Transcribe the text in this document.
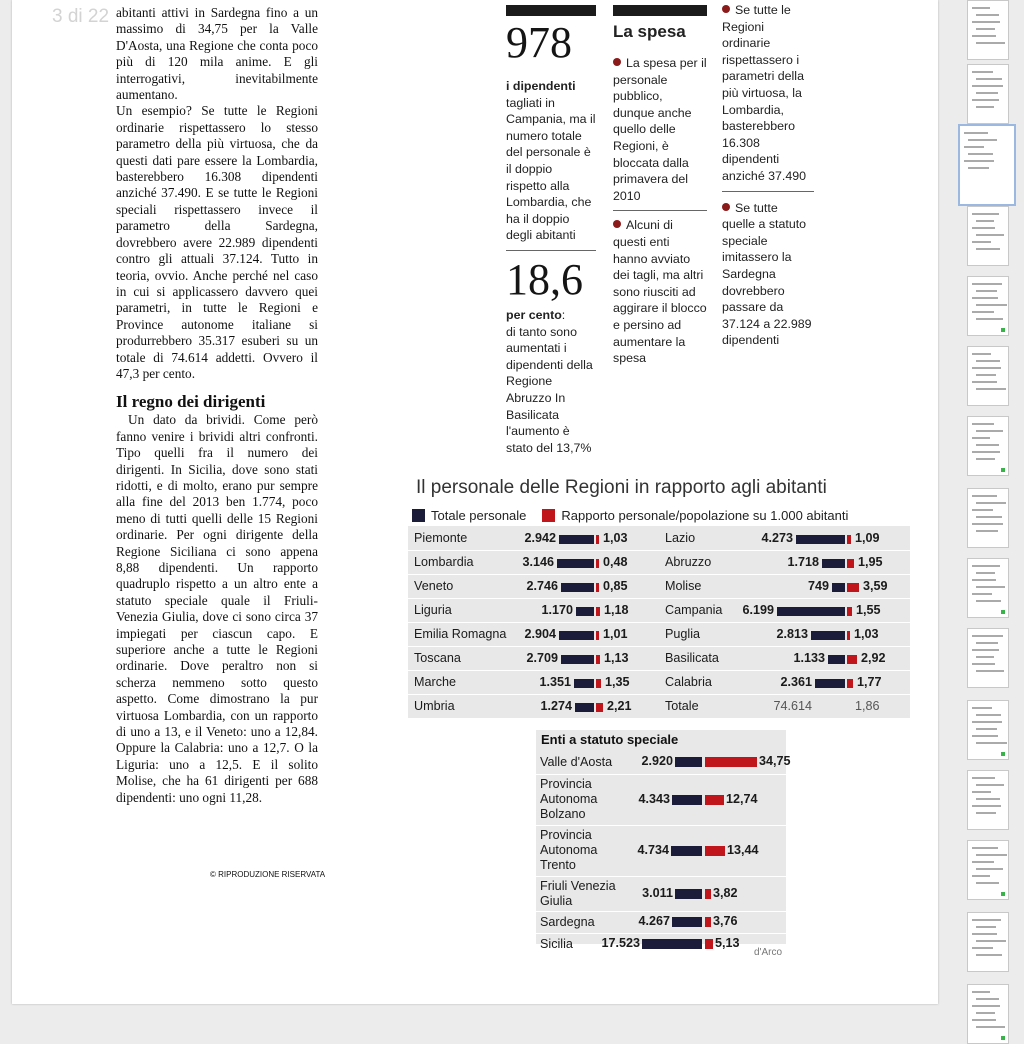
3 di 22 abitanti attivi in Sardegna fino a un massimo di 34,75 per la Valle D'Aosta, una Regione che conta poco più di 120 mila anime. E gli interrogativi, inevitabilmente aumentano.

Un esempio? Se tutte le Regioni ordinarie rispettassero lo stesso parametro della più virtuosa, che da questi dati pare essere la Lombardia, basterebbero 16.308 dipendenti anziché 37.490. E se tutte le Regioni speciali rispettassero invece il parametro della Sardegna, dovrebbero avere 22.989 dipendenti contro gli attuali 37.124. Tutto in teoria, ovvio. Anche perché nel caso in cui si applicassero davvero quei parametri, in tutte le Regioni e Province autonome italiane si produrrebbero 35.317 esuberi su un totale di 74.614 addetti. Ovvero il 47,3 per cento.

Il regno dei dirigenti

Un dato da brividi. Come però fanno venire i brividi altri confronti. Tipo quelli fra il numero dei dirigenti. In Sicilia, dove sono stati ridotti, e di molto, erano pur sempre alla fine del 2013 ben 1.774, poco meno di tutti quelli delle 15 Regioni ordinarie. Per ogni dirigente della Regione Siciliana ci sono appena 8,88 dipendenti. Un rapporto quadruplo rispetto a un altro ente a statuto speciale quale il Friuli-Venezia Giulia, dove ci sono circa 37 impiegati per ciascun capo. E superiore anche a tutte le Regioni ordinarie. Dove peraltro non si scherza nemmeno sotto questo aspetto. Come dimostrano la pur virtuosa Lombardia, con un rapporto di uno a 13, e il Veneto: uno a 12,84. Oppure la Calabria: uno a 12,7. O la Liguria: uno a 12,5. E il solito Molise, che ha 61 dirigenti per 688 dipendenti: uno ogni 11,28.

© RIPRODUZIONE RISERVATA
978
i dipendenti
tagliati in Campania, ma il numero totale del personale è il doppio rispetto alla Lombardia, che ha il doppio degli abitanti
18,6
per cento:
di tanto sono aumentati i dipendenti della Regione Abruzzo In Basilicata l'aumento è stato del 13,7%
La spesa
La spesa per il personale pubblico, dunque anche quello delle Regioni, è bloccata dalla primavera del 2010
Alcuni di questi enti hanno avviato dei tagli, ma altri sono riusciti ad aggirare il blocco e persino ad aumentare la spesa
Se tutte le Regioni ordinarie rispettassero i parametri della più virtuosa, la Lombardia, basterebbero 16.308 dipendenti anziché 37.490
Se tutte quelle a statuto speciale imitassero la Sardegna dovrebbero passare da 37.124 a 22.989 dipendenti
Il personale delle Regioni in rapporto agli abitanti
Totale personale	Rapporto personale/popolazione su 1.000 abitanti
Piemonte	2.942	1,03
Lombardia	3.146	0,48
Veneto	2.746	0,85
Liguria	1.170 1,18
Emilia Romagna 2.904	1,01
Toscana	2.709	1,13
Marche	1.351	1,35
Umbria	1.274	2,21
Lazio	4.273	1,09
Abruzzo	1.718	1,95
Molise	749	3,59
Campania 6.199	1,55
Puglia	2.813	1,03
Basilicata	1.133	2,92
Calabria	2.361	1,77
Totale	74.614	1,86
Enti a statuto speciale
Valle d'Aosta 2.920	34,75
Provincia
Autonoma
Bolzano
4.343	12,74
Provincia
Autonoma
Trento
4.734	13,44
Friuli Venezia
Giulia
3.011	3,82
Sardegna	4.267	3,76
Sicilia 17.523	5,13
d'Arco
